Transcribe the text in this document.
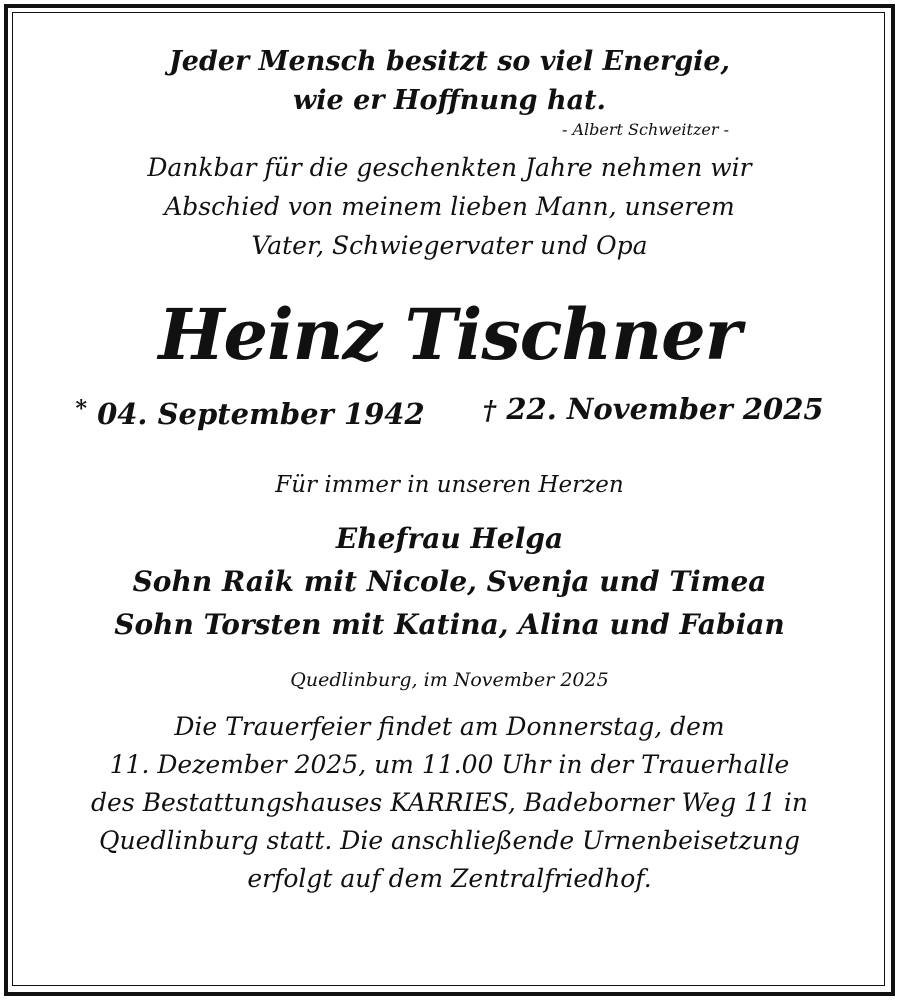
Jeder Mensch besitzt so viel Energie,
wie er Hoffnung hat.
- Albert Schweitzer -
Dankbar für die geschenkten Jahre nehmen wir
Abschied von meinem lieben Mann, unserem
Vater, Schwiegervater und Opa
Heinz Tischner
* 04. September 1942 † 22. November 2025
Für immer in unseren Herzen
Ehefrau Helga
Sohn Raik mit Nicole, Svenja und Timea
Sohn Torsten mit Katina, Alina und Fabian
Quedlinburg, im November 2025
Die Trauerfeier findet am Donnerstag, dem
11. Dezember 2025, um 11.00 Uhr in der Trauerhalle
des Bestattungshauses KARRIES, Badeborner Weg 11 in
Quedlinburg statt. Die anschließende Urnenbeisetzung
erfolgt auf dem Zentralfriedhof.
